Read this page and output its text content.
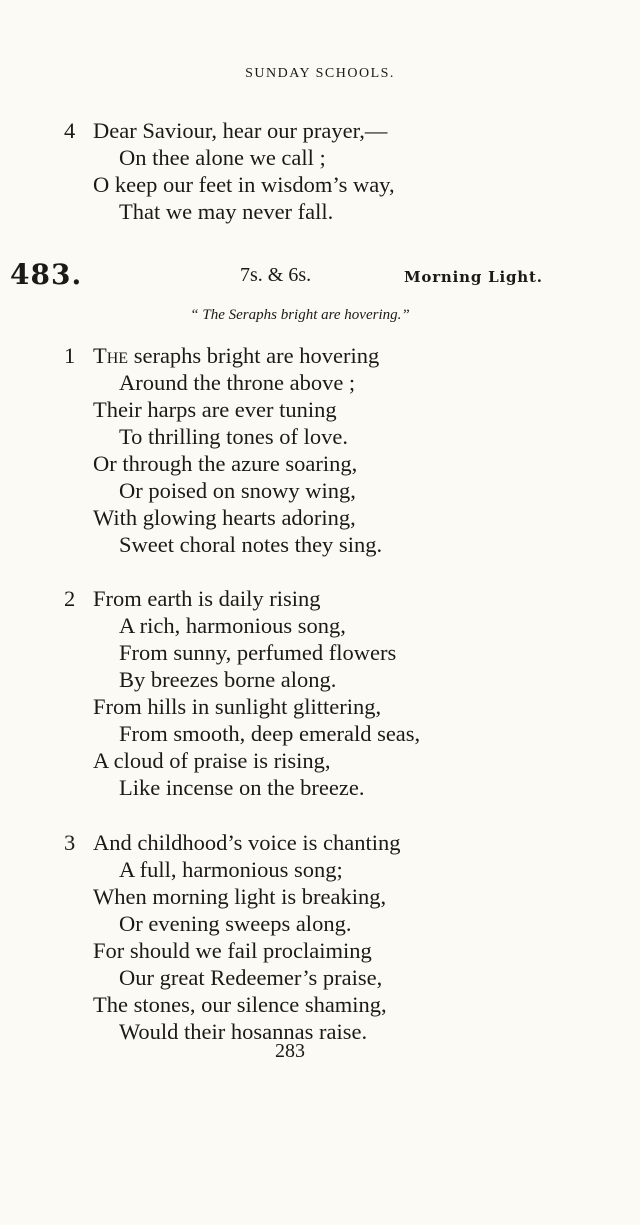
SUNDAY SCHOOLS.
4 Dear Saviour, hear our prayer,—
On thee alone we call ;
O keep our feet in wisdom’s way,
That we may never fall.
483.	7s. & 6s.	Morning Light.
“ The Seraphs bright are hovering.”
1 The seraphs bright are hovering
Around the throne above ;
Their harps are ever tuning
To thrilling tones of love.
Or through the azure soaring,
Or poised on snowy wing,
With glowing hearts adoring,
Sweet choral notes they sing.
2 From earth is daily rising
A rich, harmonious song,
From sunny, perfumed flowers
By breezes borne along.
From hills in sunlight glittering,
From smooth, deep emerald seas,
A cloud of praise is rising,
Like incense on the breeze.
3 And childhood’s voice is chanting
A full, harmonious song;
When morning light is breaking,
Or evening sweeps along.
For should we fail proclaiming
Our great Redeemer’s praise,
The stones, our silence shaming,
Would their hosannas raise.
283
